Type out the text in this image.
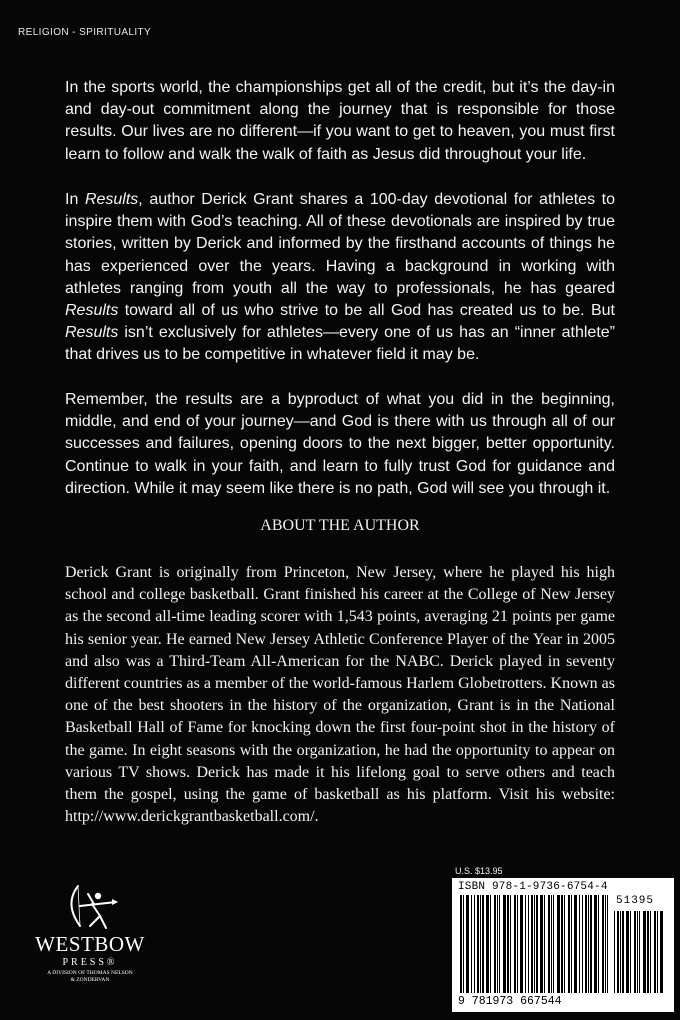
RELIGION - SPIRITUALITY
In the sports world, the championships get all of the credit, but it’s the day-in and day-out commitment along the journey that is responsible for those results. Our lives are no different—if you want to get to heaven, you must first learn to follow and walk the walk of faith as Jesus did throughout your life.
In Results, author Derick Grant shares a 100-day devotional for athletes to inspire them with God’s teaching. All of these devotionals are inspired by true stories, written by Derick and informed by the firsthand accounts of things he has experienced over the years. Having a background in working with athletes ranging from youth all the way to professionals, he has geared Results toward all of us who strive to be all God has created us to be. But Results isn’t exclusively for athletes—every one of us has an “inner athlete” that drives us to be competitive in whatever field it may be.
Remember, the results are a byproduct of what you did in the beginning, middle, and end of your journey—and God is there with us through all of our successes and failures, opening doors to the next bigger, better opportunity. Continue to walk in your faith, and learn to fully trust God for guidance and direction. While it may seem like there is no path, God will see you through it.
ABOUT THE AUTHOR
Derick Grant is originally from Princeton, New Jersey, where he played his high school and college basketball. Grant finished his career at the College of New Jersey as the second all-time leading scorer with 1,543 points, averaging 21 points per game his senior year. He earned New Jersey Athletic Conference Player of the Year in 2005 and also was a Third-Team All-American for the NABC. Derick played in seventy different countries as a member of the world-famous Harlem Globetrotters. Known as one of the best shooters in the history of the organization, Grant is in the National Basketball Hall of Fame for knocking down the first four-point shot in the history of the game. In eight seasons with the organization, he had the opportunity to appear on various TV shows. Derick has made it his lifelong goal to serve others and teach them the gospel, using the game of basketball as his platform. Visit his website: http://www.derickgrantbasketball.com/.
WESTBOW
PRESS®
A DIVISION OF THOMAS NELSON
& ZONDERVAN
U.S. $13.95
ISBN 978-1-9736-6754-4
51395
9 781973 667544
